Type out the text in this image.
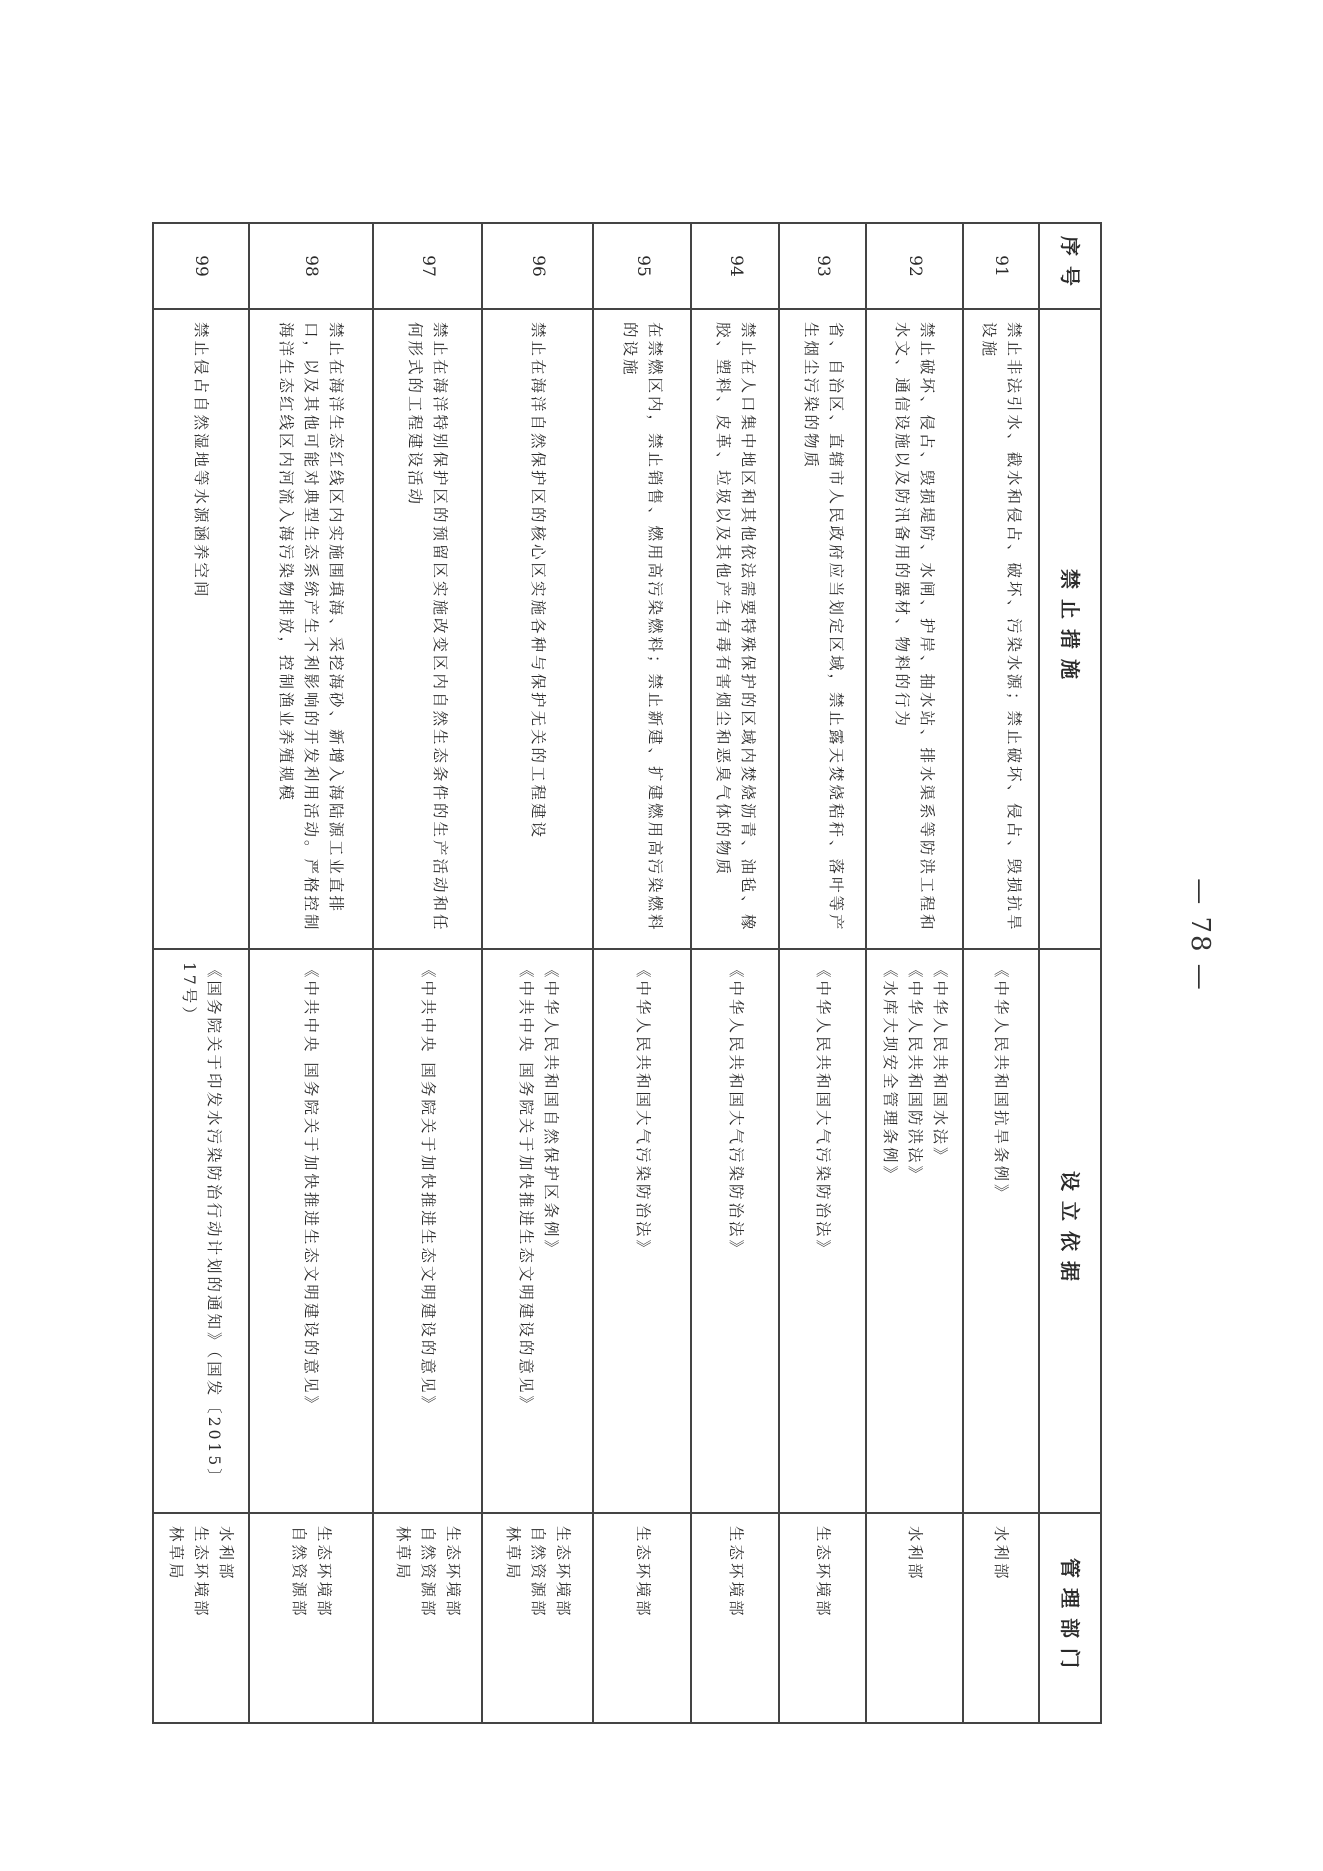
序号	禁止措施	设立依据	管理部门
91	禁止非法引水、截水和侵占、破坏、污染水源；禁止破坏、侵占、毁损抗旱设施	《中华人民共和国抗旱条例》	水利部

92	禁止破坏、侵占、毁损堤防、水闸、护岸、抽水站、排水渠系等防洪工程和水文、通信设施以及防汛备用的器材、物料的行为	《中华人民共和国水法》
《中华人民共和国防洪法》
《水库大坝安全管理条例》	水利部

93	省、自治区、直辖市人民政府应当划定区域，禁止露天焚烧秸秆、落叶等产生烟尘污染的物质	《中华人民共和国大气污染防治法》	生态环境部

94	禁止在人口集中地区和其他依法需要特殊保护的区域内焚烧沥青、油毡、橡胶、塑料、皮革、垃圾以及其他产生有毒有害烟尘和恶臭气体的物质	《中华人民共和国大气污染防治法》	生态环境部

95	在禁燃区内，禁止销售、燃用高污染燃料；禁止新建、扩建燃用高污染燃料的设施	《中华人民共和国大气污染防治法》	生态环境部

96	禁止在海洋自然保护区的核心区实施各种与保护无关的工程建设	《中华人民共和国自然保护区条例》
《中共中央 国务院关于加快推进生态文明建设的意见》	生态环境部
自然资源部
林草局

97	禁止在海洋特别保护区的预留区实施改变区内自然生态条件的生产活动和任何形式的工程建设活动	《中共中央 国务院关于加快推进生态文明建设的意见》	生态环境部
自然资源部
林草局

98	禁止在海洋生态红线区内实施围填海、采挖海砂、新增入海陆源工业直排口，以及其他可能对典型生态系统产生不利影响的开发利用活动。严格控制海洋生态红线区内河流入海污染物排放，控制渔业养殖规模	《中共中央 国务院关于加快推进生态文明建设的意见》	生态环境部
自然资源部

99	禁止侵占自然湿地等水源涵养空间	《国务院关于印发水污染防治行动计划的通知》（国发〔2015〕17号）	水利部
生态环境部
林草局
— 78 —
